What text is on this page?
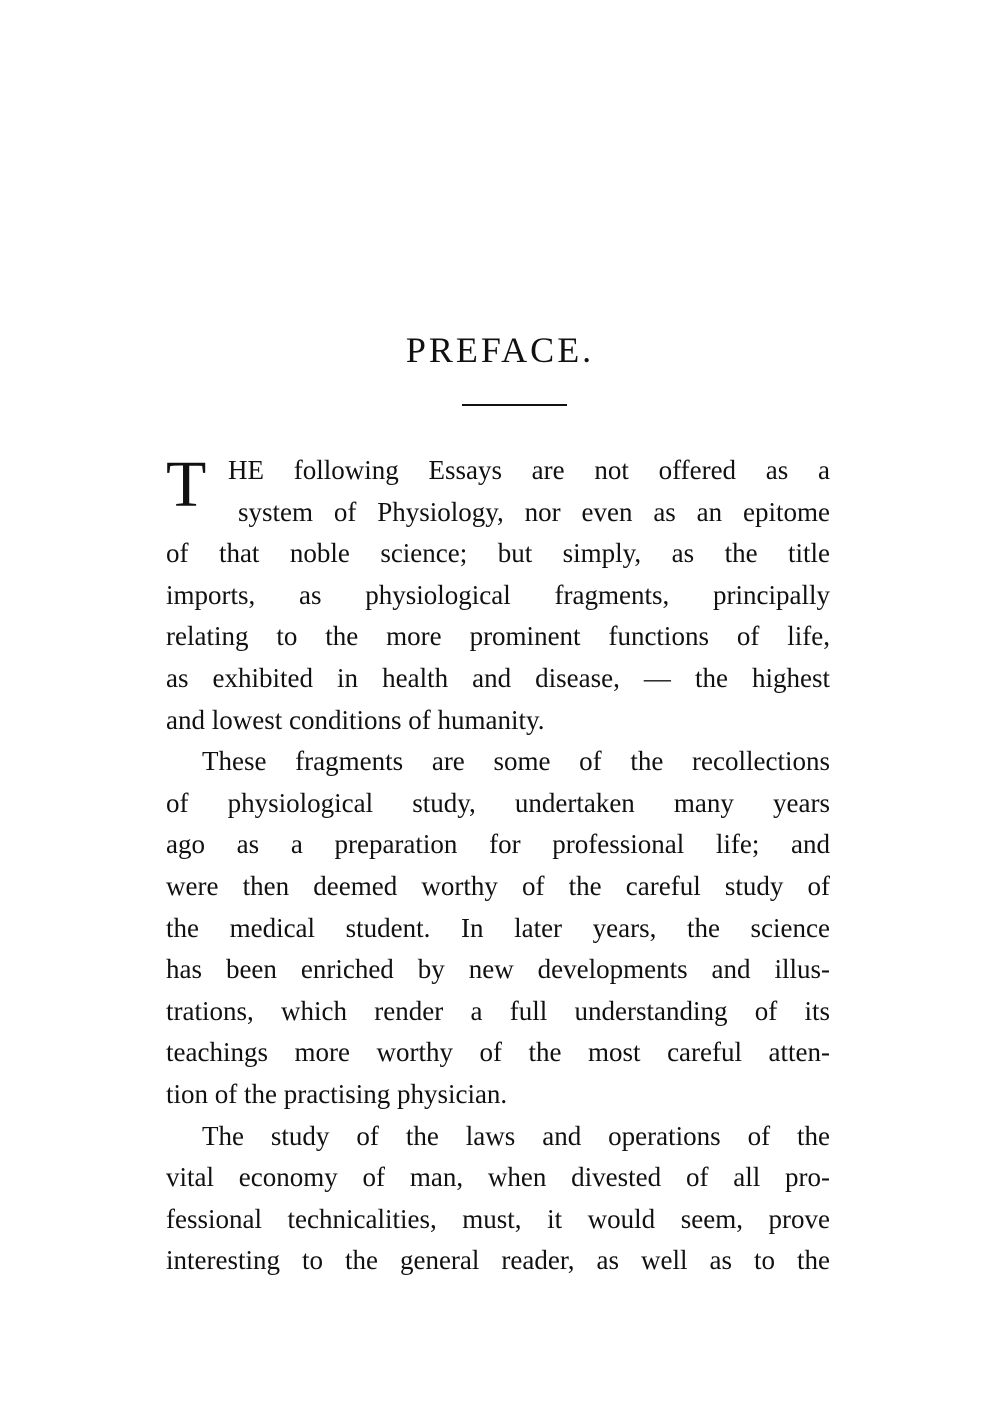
PREFACE.
T HE following Essays are not offered as a
system of Physiology, nor even as an epitome
of that noble science; but simply, as the title
imports, as physiological fragments, principally
relating to the more prominent functions of life,
as exhibited in health and disease, — the highest
and lowest conditions of humanity.
These fragments are some of the recollections
of physiological study, undertaken many years
ago as a preparation for professional life; and
were then deemed worthy of the careful study of
the medical student. In later years, the science
has been enriched by new developments and illus-
trations, which render a full understanding of its
teachings more worthy of the most careful atten-
tion of the practising physician.
The study of the laws and operations of the
vital economy of man, when divested of all pro-
fessional technicalities, must, it would seem, prove
interesting to the general reader, as well as to the
